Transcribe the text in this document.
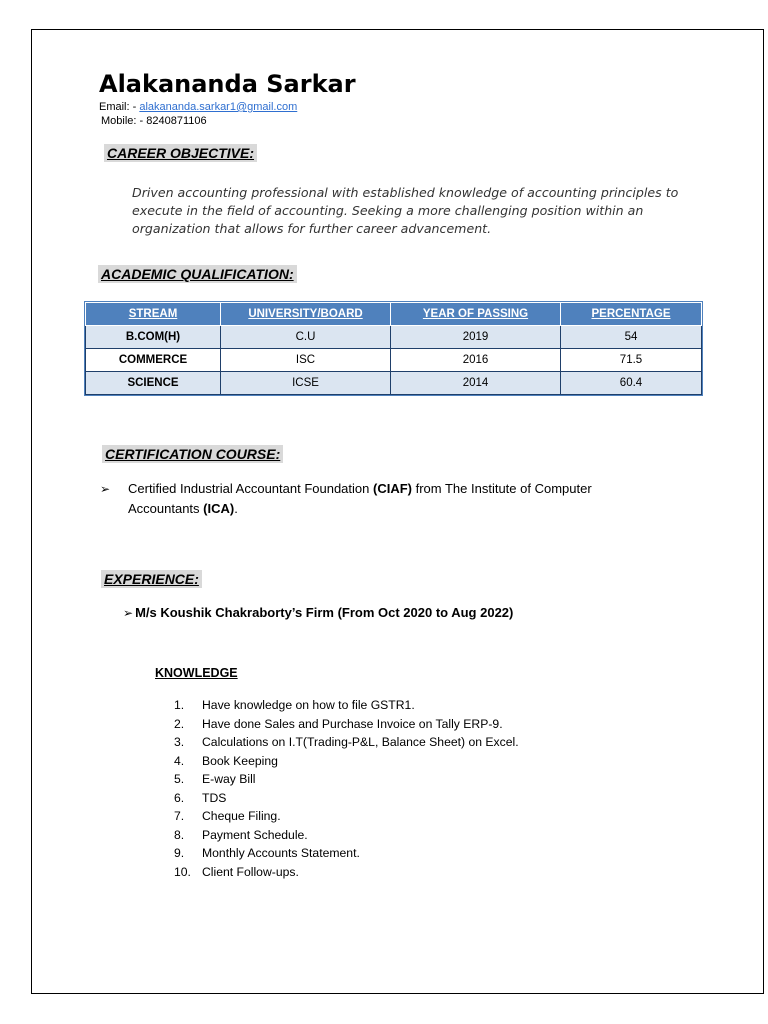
Alakananda Sarkar
Email: - alakananda.sarkar1@gmail.com
Mobile: - 8240871106
CAREER OBJECTIVE:

Driven accounting professional with established knowledge of accounting principles to execute in the field of accounting. Seeking a more challenging position within an organization that allows for further career advancement.

ACADEMIC QUALIFICATION:
STREAM	UNIVERSITY/BOARD	YEAR OF PASSING	PERCENTAGE
B.COM(H)	C.U	2019	54
COMMERCE	ISC	2016	71.5
SCIENCE	ICSE	2014	60.4
CERTIFICATION COURSE:
➢ Certified Industrial Accountant Foundation (CIAF) from The Institute of Computer Accountants (ICA).
EXPERIENCE:
➢ M/s Koushik Chakraborty’s Firm (From Oct 2020 to Aug 2022)
KNOWLEDGE
1.	Have knowledge on how to file GSTR1.
2.	Have done Sales and Purchase Invoice on Tally ERP-9.
3.	Calculations on I.T(Trading-P&L, Balance Sheet) on Excel.
4.	Book Keeping
5.	E-way Bill
6.	TDS
7.	Cheque Filing.
8.	Payment Schedule.
9.	Monthly Accounts Statement.
10. Client Follow-ups.
